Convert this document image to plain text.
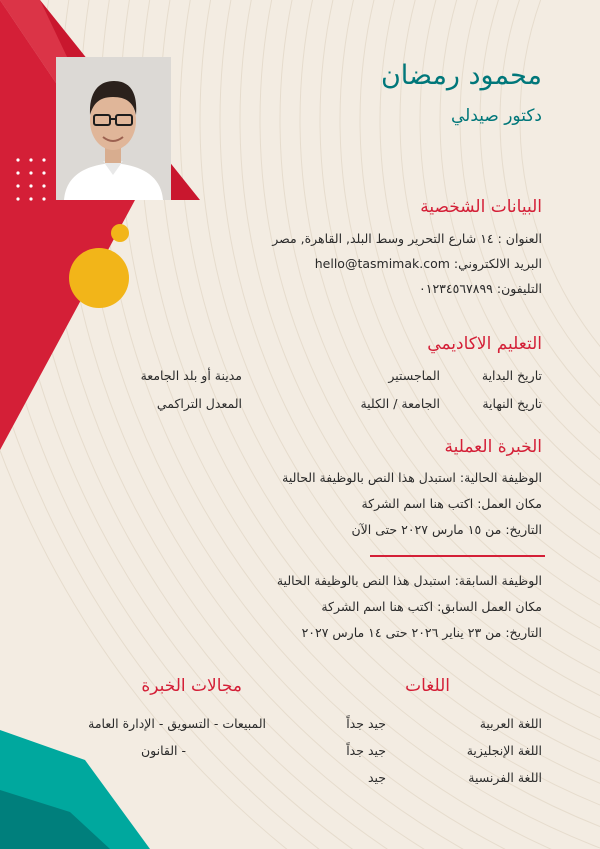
محمود رمضان
دكتور صيدلي
البيانات الشخصية
العنوان : ١٤ شارع التحرير وسط البلد, القاهرة, مصر
البريد الالكتروني: hello@tasmimak.com
التليفون: ٠١٢٣٤٥٦٧٨٩٩
التعليم الاكاديمي
تاريخ البداية
الماجستير
مدينة أو بلد الجامعة
تاريخ النهاية
الجامعة / الكلية
المعدل التراكمي
الخبرة العملية
الوظيفة الحالية: استبدل هذا النص بالوظيفة الحالية
مكان العمل: اكتب هنا اسم الشركة
التاريخ: من ١٥ مارس ٢٠٢٧ حتى الآن
الوظيفة السابقة: استبدل هذا النص بالوظيفة الحالية
مكان العمل السابق: اكتب هنا اسم الشركة
التاريخ: من ٢٣ يناير ٢٠٢٦ حتى ١٤ مارس ٢٠٢٧
اللغات
اللغة العربية
جيد جداً
اللغة الإنجليزية
جيد جداً
اللغة الفرنسية
جيد
مجالات الخبرة
المبيعات - التسويق - الإدارة العامة
- القانون
